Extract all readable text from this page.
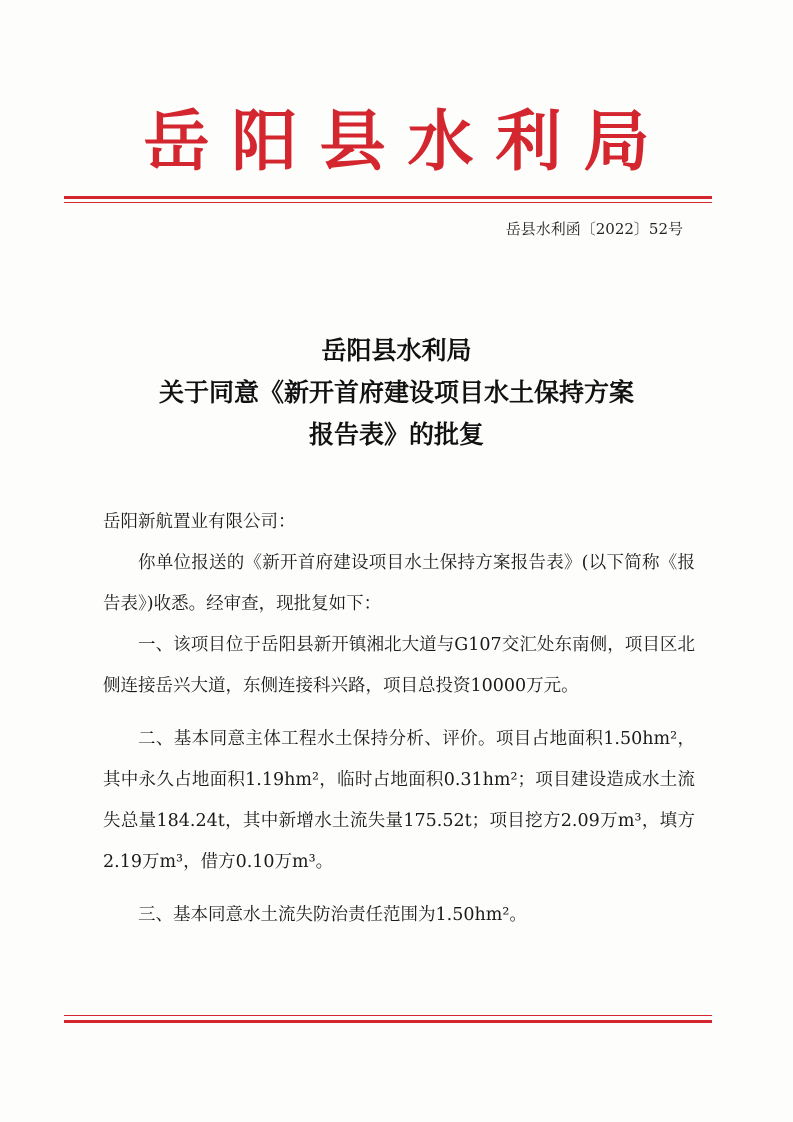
岳阳县水利局
岳县水利函〔2022〕52号
岳阳县水利局
关于同意《新开首府建设项目水土保持方案
报告表》的批复

岳阳新航置业有限公司：

你单位报送的《新开首府建设项目水土保持方案报告表》(以下简称《报告表》)收悉。经审查，现批复如下：

一、该项目位于岳阳县新开镇湘北大道与G107交汇处东南侧，项目区北侧连接岳兴大道，东侧连接科兴路，项目总投资10000万元。

二、基本同意主体工程水土保持分析、评价。项目占地面积1.50hm²，其中永久占地面积1.19hm²，临时占地面积0.31hm²；项目建设造成水土流失总量184.24t，其中新增水土流失量175.52t；项目挖方2.09万m³，填方2.19万m³，借方0.10万m³。

三、基本同意水土流失防治责任范围为1.50hm²。
